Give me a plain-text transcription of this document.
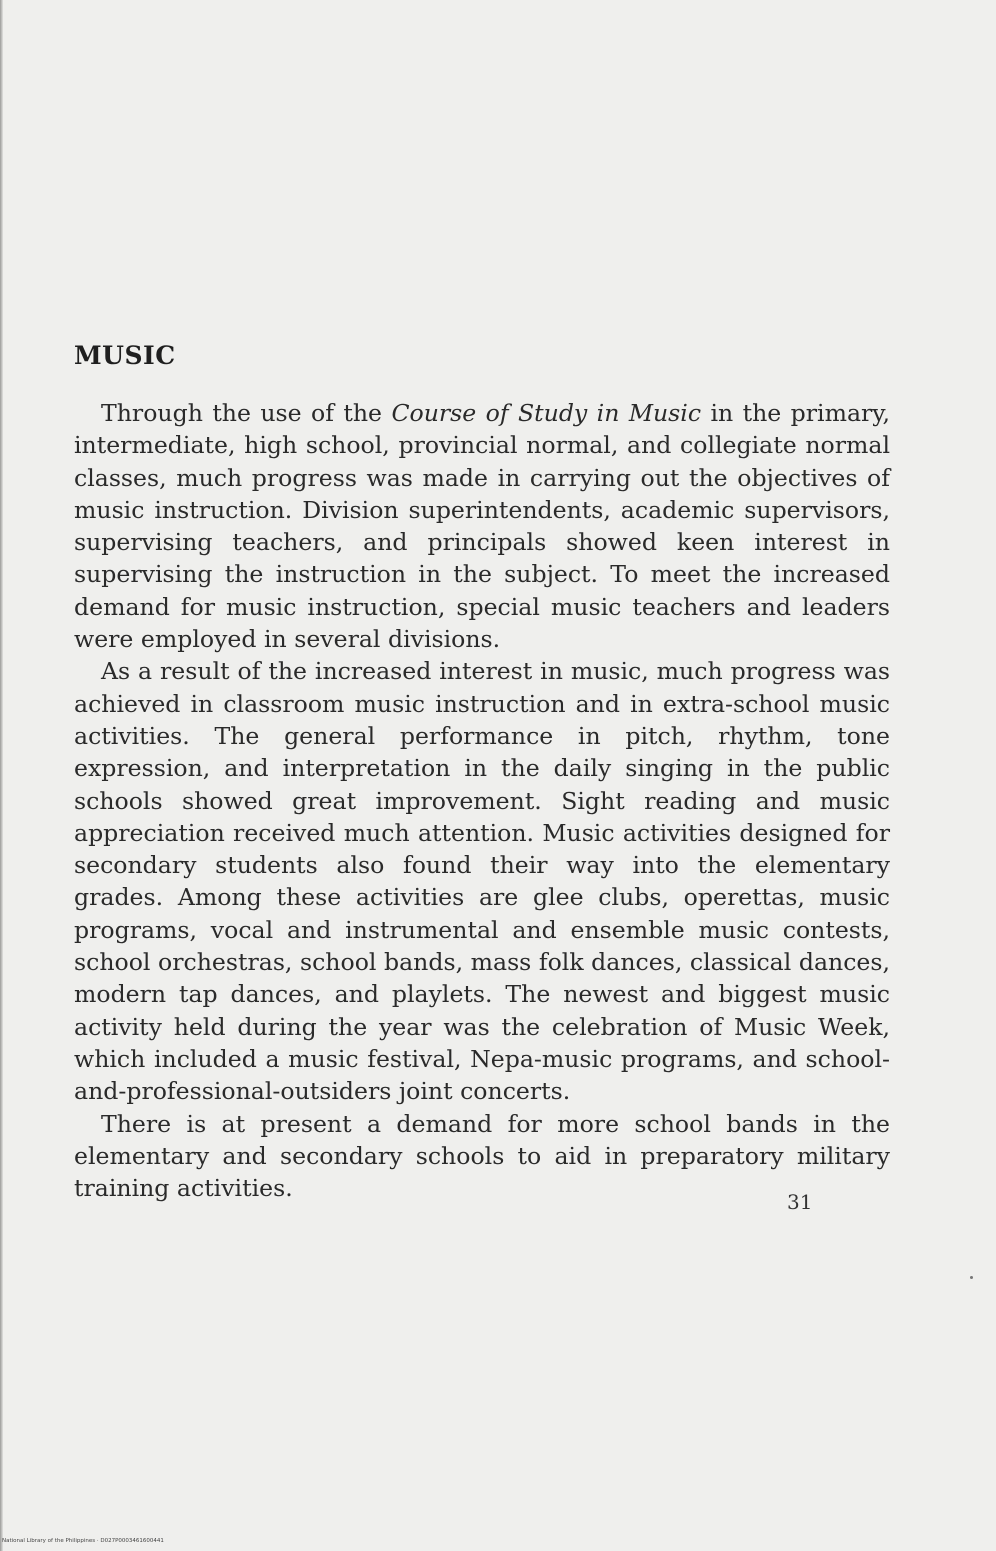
MUSIC

Through the use of the Course of Study in Music in the primary, intermediate, high school, provincial normal, and collegiate normal classes, much progress was made in carrying out the objectives of music instruction. Division superintendents, academic supervisors, supervising teachers, and principals showed keen interest in supervising the instruction in the subject. To meet the increased demand for music instruction, special music teachers and leaders were employed in several divisions.

As a result of the increased interest in music, much progress was achieved in classroom music instruction and in extra-school music activities. The general performance in pitch, rhythm, tone expression, and interpretation in the daily singing in the public schools showed great improvement. Sight reading and music appreciation received much attention. Music activities designed for secondary students also found their way into the elementary grades. Among these activities are glee clubs, operettas, music programs, vocal and instrumental and ensemble music contests, school orchestras, school bands, mass folk dances, classical dances, modern tap dances, and playlets. The newest and biggest music activity held during the year was the celebration of Music Week, which included a music festival, Nepa-music programs, and school-and-professional-outsiders joint concerts.

There is at present a demand for more school bands in the elementary and secondary schools to aid in preparatory military training activities.	31
National Library of the Philippines · D027P0003461600441
